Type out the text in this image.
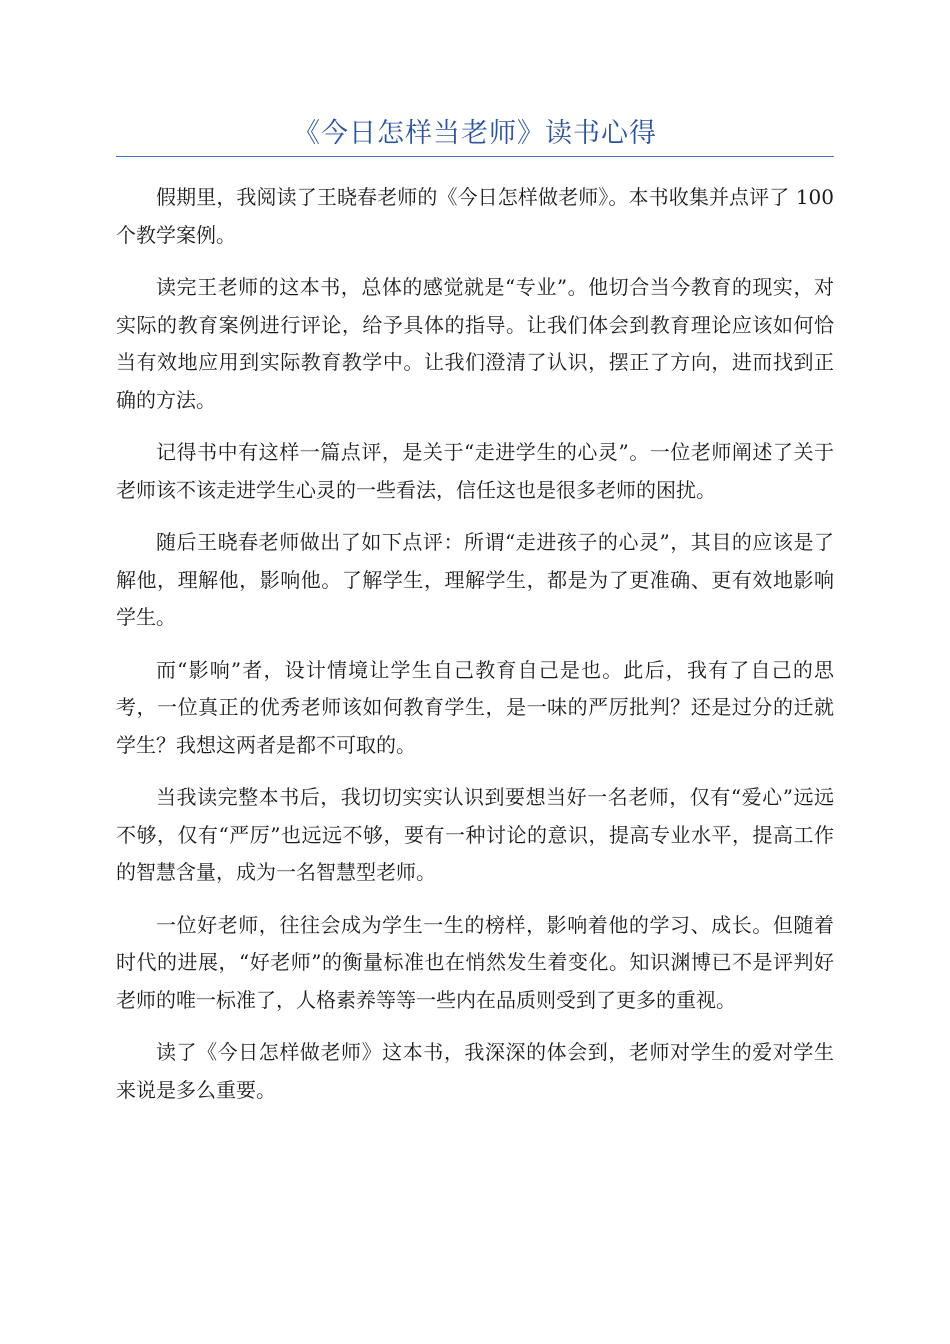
《今日怎样当老师》读书心得

假期里，我阅读了王晓春老师的《今日怎样做老师》。本书收集并点评了 100 个教学案例。

读完王老师的这本书，总体的感觉就是“专业”。他切合当今教育的现实，对实际的教育案例进行评论，给予具体的指导。让我们体会到教育理论应该如何恰当有效地应用到实际教育教学中。让我们澄清了认识，摆正了方向，进而找到正确的方法。

记得书中有这样一篇点评，是关于“走进学生的心灵”。一位老师阐述了关于老师该不该走进学生心灵的一些看法，信任这也是很多老师的困扰。

随后王晓春老师做出了如下点评：所谓“走进孩子的心灵”，其目的应该是了解他，理解他，影响他。了解学生，理解学生，都是为了更准确、更有效地影响学生。

而“影响”者，设计情境让学生自己教育自己是也。此后，我有了自己的思考，一位真正的优秀老师该如何教育学生，是一味的严厉批判？还是过分的迁就学生？我想这两者是都不可取的。

当我读完整本书后，我切切实实认识到要想当好一名老师，仅有“爱心”远远不够，仅有“严厉”也远远不够，要有一种讨论的意识，提高专业水平，提高工作的智慧含量，成为一名智慧型老师。

一位好老师，往往会成为学生一生的榜样，影响着他的学习、成长。但随着时代的进展，“好老师”的衡量标准也在悄然发生着变化。知识渊博已不是评判好老师的唯一标准了，人格素养等等一些内在品质则受到了更多的重视。

读了《今日怎样做老师》这本书，我深深的体会到，老师对学生的爱对学生来说是多么重要。
